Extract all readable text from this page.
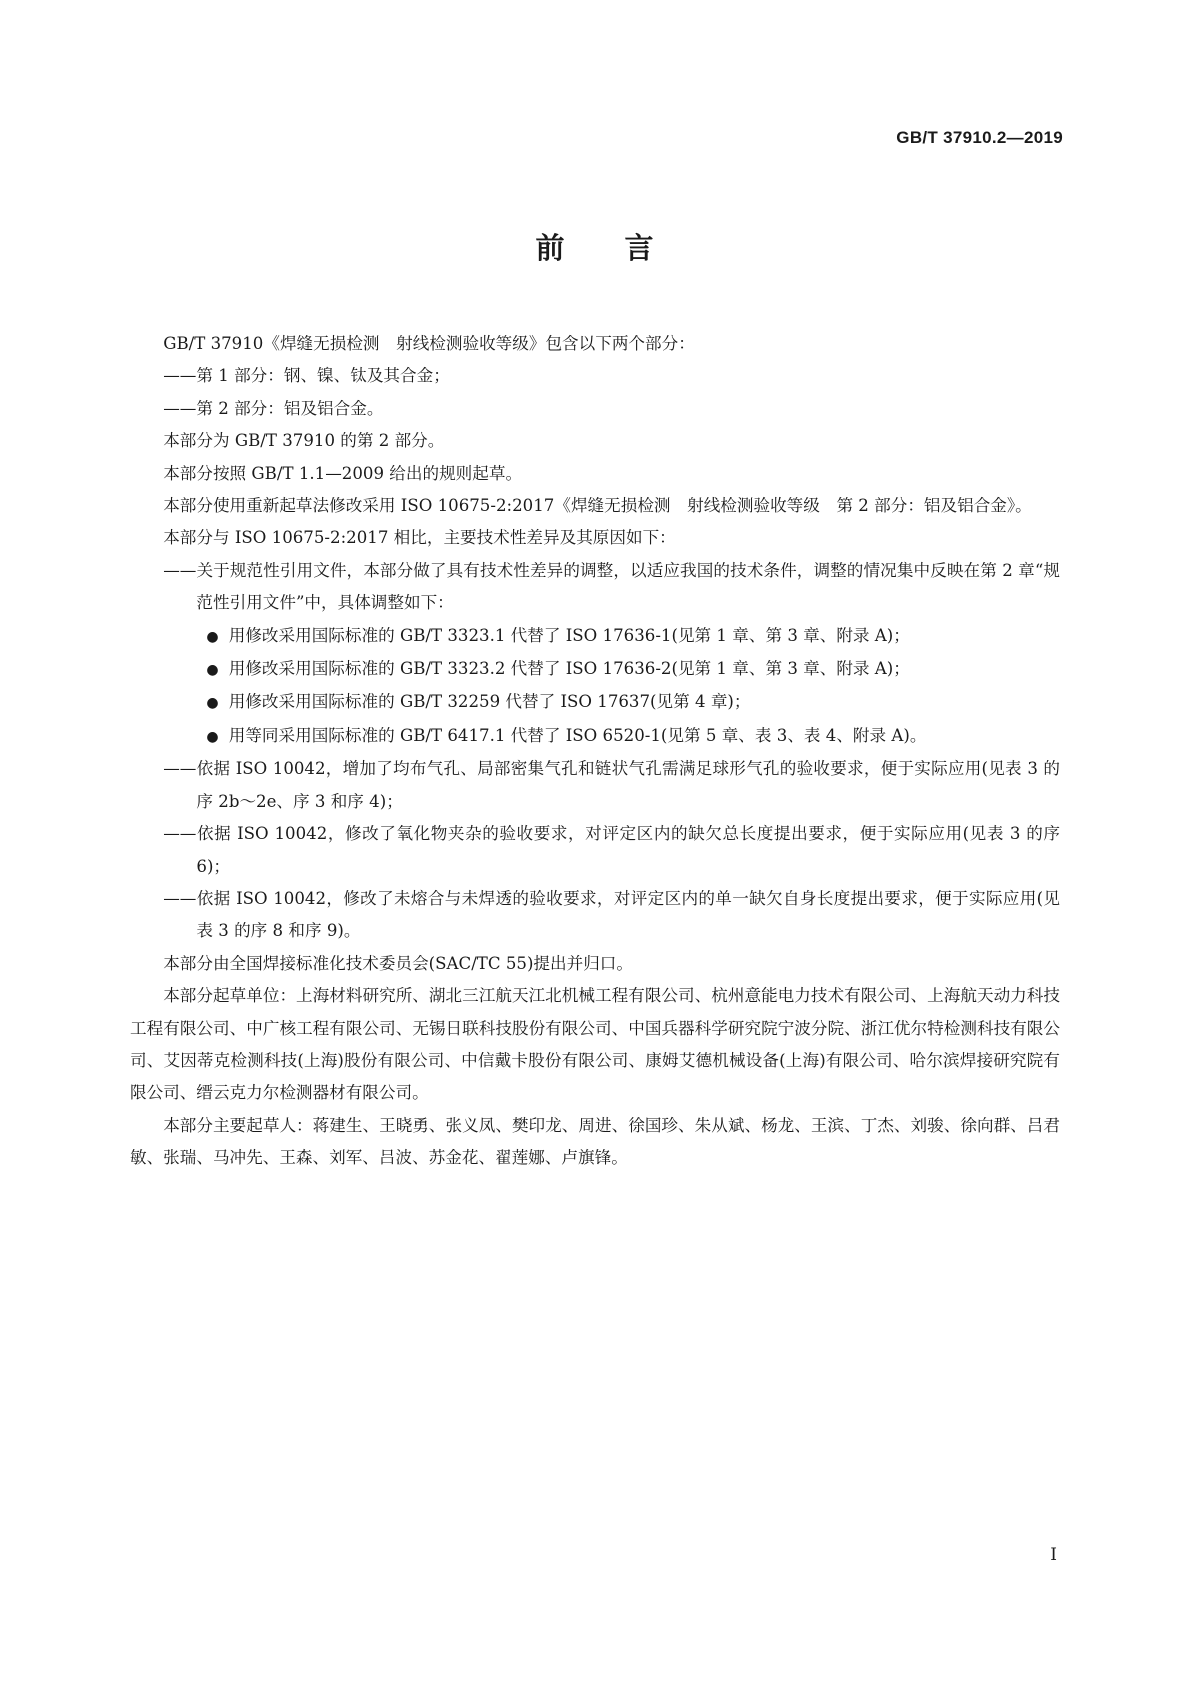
GB/T 37910.2—2019
前 言

GB/T 37910《焊缝无损检测　射线检测验收等级》包含以下两个部分：

——第 1 部分：钢、镍、钛及其合金；

——第 2 部分：铝及铝合金。

本部分为 GB/T 37910 的第 2 部分。

本部分按照 GB/T 1.1—2009 给出的规则起草。

本部分使用重新起草法修改采用 ISO 10675-2:2017《焊缝无损检测　射线检测验收等级　第 2 部分：铝及铝合金》。

本部分与 ISO 10675-2:2017 相比，主要技术性差异及其原因如下：

——关于规范性引用文件，本部分做了具有技术性差异的调整，以适应我国的技术条件，调整的情况集中反映在第 2 章“规范性引用文件”中，具体调整如下：

● 用修改采用国际标准的 GB/T 3323.1 代替了 ISO 17636-1(见第 1 章、第 3 章、附录 A)；

● 用修改采用国际标准的 GB/T 3323.2 代替了 ISO 17636-2(见第 1 章、第 3 章、附录 A)；

● 用修改采用国际标准的 GB/T 32259 代替了 ISO 17637(见第 4 章)；

● 用等同采用国际标准的 GB/T 6417.1 代替了 ISO 6520-1(见第 5 章、表 3、表 4、附录 A)。

——依据 ISO 10042，增加了均布气孔、局部密集气孔和链状气孔需满足球形气孔的验收要求，便于实际应用(见表 3 的序 2b～2e、序 3 和序 4)；

——依据 ISO 10042，修改了氧化物夹杂的验收要求，对评定区内的缺欠总长度提出要求，便于实际应用(见表 3 的序 6)；

——依据 ISO 10042，修改了未熔合与未焊透的验收要求，对评定区内的单一缺欠自身长度提出要求，便于实际应用(见表 3 的序 8 和序 9)。

本部分由全国焊接标准化技术委员会(SAC/TC 55)提出并归口。

本部分起草单位：上海材料研究所、湖北三江航天江北机械工程有限公司、杭州意能电力技术有限公司、上海航天动力科技工程有限公司、中广核工程有限公司、无锡日联科技股份有限公司、中国兵器科学研究院宁波分院、浙江优尔特检测科技有限公司、艾因蒂克检测科技(上海)股份有限公司、中信戴卡股份有限公司、康姆艾德机械设备(上海)有限公司、哈尔滨焊接研究院有限公司、缙云克力尔检测器材有限公司。

本部分主要起草人：蒋建生、王晓勇、张义凤、樊印龙、周进、徐国珍、朱从斌、杨龙、王滨、丁杰、刘骏、徐向群、吕君敏、张瑞、马冲先、王森、刘军、吕波、苏金花、翟莲娜、卢旗锋。

I
